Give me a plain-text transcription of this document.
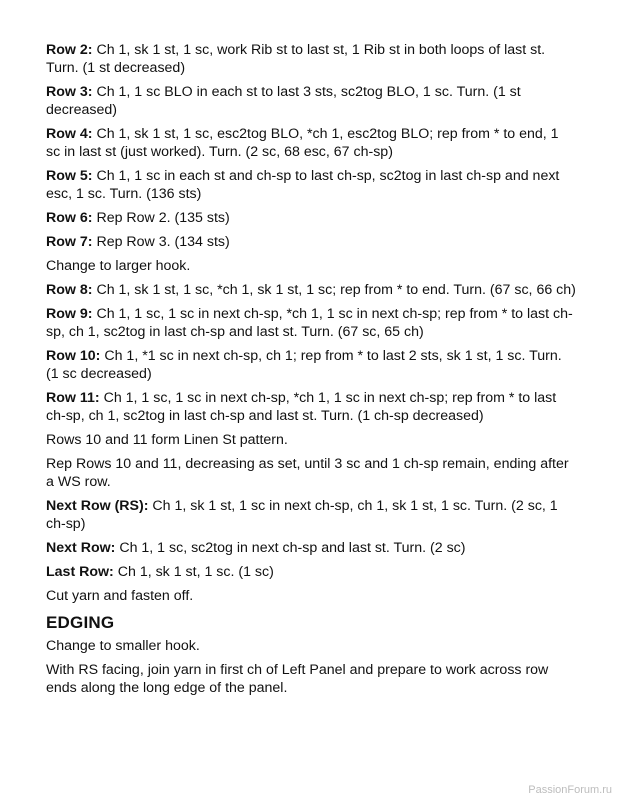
Row 2: Ch 1, sk 1 st, 1 sc, work Rib st to last st, 1 Rib st in both loops of last st. Turn. (1 st decreased)

Row 3: Ch 1, 1 sc BLO in each st to last 3 sts, sc2tog BLO, 1 sc. Turn. (1 st decreased)

Row 4: Ch 1, sk 1 st, 1 sc, esc2tog BLO, *ch 1, esc2tog BLO; rep from * to end, 1 sc in last st (just worked). Turn. (2 sc, 68 esc, 67 ch-sp)

Row 5: Ch 1, 1 sc in each st and ch-sp to last ch-sp, sc2tog in last ch-sp and next esc, 1 sc. Turn. (136 sts)

Row 6: Rep Row 2. (135 sts)

Row 7: Rep Row 3. (134 sts)

Change to larger hook.

Row 8: Ch 1, sk 1 st, 1 sc, *ch 1, sk 1 st, 1 sc; rep from * to end. Turn. (67 sc, 66 ch)

Row 9: Ch 1, 1 sc, 1 sc in next ch-sp, *ch 1, 1 sc in next ch-sp; rep from * to last ch-sp, ch 1, sc2tog in last ch-sp and last st. Turn. (67 sc, 65 ch)

Row 10: Ch 1, *1 sc in next ch-sp, ch 1; rep from * to last 2 sts, sk 1 st, 1 sc. Turn. (1 sc decreased)

Row 11: Ch 1, 1 sc, 1 sc in next ch-sp, *ch 1, 1 sc in next ch-sp; rep from * to last ch-sp, ch 1, sc2tog in last ch-sp and last st. Turn. (1 ch-sp decreased)

Rows 10 and 11 form Linen St pattern.

Rep Rows 10 and 11, decreasing as set, until 3 sc and 1 ch-sp remain, ending after a WS row.

Next Row (RS): Ch 1, sk 1 st, 1 sc in next ch-sp, ch 1, sk 1 st, 1 sc. Turn. (2 sc, 1 ch-sp)

Next Row: Ch 1, 1 sc, sc2tog in next ch-sp and last st. Turn. (2 sc)

Last Row: Ch 1, sk 1 st, 1 sc. (1 sc)

Cut yarn and fasten off.

EDGING

Change to smaller hook.

With RS facing, join yarn in first ch of Left Panel and prepare to work across row ends along the long edge of the panel.

PassionForum.ru
